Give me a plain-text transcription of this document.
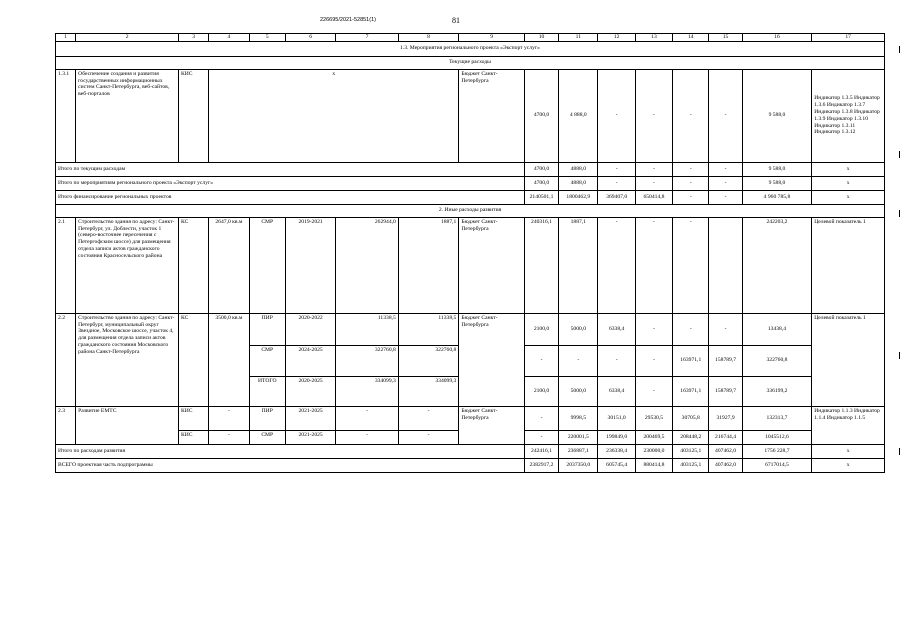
226695/2021-52851(1)	81
1	2	3	4	5	6	7	8	9	10	11	12	13	14	15	16	17
1.3. Мероприятия регионального проекта «Экспорт услуг»																
Текущие расходы																
1.3.1	Обеспечение создания и развития государственных информационных систем Санкт-Петербурга, веб-сайтов, веб-порталов	КИС	x					Бюджет Санкт-Петербурга	4700,0	4 888,0	-	-	-	-	9 588,0	Индикатор 1.3.5 Индикатор 1.3.6 Индикатор 1.3.7 Индикатор 1.3.8 Индикатор 1.3.9 Индикатор 1.3.10 Индикатор 1.3.11 Индикатор 1.3.12
Итого по текущим расходам									4700,0	4888,0	-	-	-	-	9 588,0	x
Итого по мероприятиям регионального проекта «Экспорт услуг»									4700,0	4888,0	-	-	-	-	9 588,0	x
Итого финансирование региональных проектов									2140501,1	1800462,9	369407,0	650414,8	-	-	4 960 785,8	x
2. Иные расходы развития																
2.1	Строительство здания по адресу: Санкт-Петербург, ул. Доблести, участок 1 (северо-восточнее пересечения с Петергофским шоссе) для размещения отдела записи актов гражданского состояния Красносельского района	КС	2647,0 кв.м	СМР	2019-2021	262944,0	1887,1	Бюджет Санкт-Петербурга	240316,1	1887,1	-	-	-		242203,2	Целевой показатель 1
2.2	Строительство здания по адресу: Санкт-Петербург, муниципальный округ Звездное, Московское шоссе, участок 4, для размещения отдела записи актов гражданского состояния Московского района Санкт-Петербурга	КС	3500,0 кв.м	ПИР	2020-2022	11338,5	11338,5	Бюджет Санкт-Петербурга	2100,0	5000,0	6338,4	-	-	-	13438,4	Целевой показатель 1
				СМР	2024-2025	322760,8	322760,8		-	-	-	-	163971,1	158789,7	322760,8	
				ИТОГО	2020-2025	334099,3	334099,3		2100,0	5000,0	6338,4	-	163971,1	158789,7	336199,2	
2.3	Развитие ЕМТС	КИС	-	ПИР	2021-2025	-	-	Бюджет Санкт-Петербурга	-	9998,5	30151,0	29530,5	30705,8	31927,9	132313,7	Индикатор 1.1.3 Индикатор 1.1.4 Индикатор 1.1.5
		КИС	-	СМР	2021-2025	-	-		-	220001,5	199849,0	200469,5	208448,2	216744,4	1045512,6	
Итого по расходам развития									242416,1	236887,1	236338,4	230000,0	403125,1	407462,0	1756 228,7	x
ВСЕГО проектная часть подпрограммы									2382917,2	2037350,0	605745,4	880414,8	403125,1	407462,0	6717014,5	x
